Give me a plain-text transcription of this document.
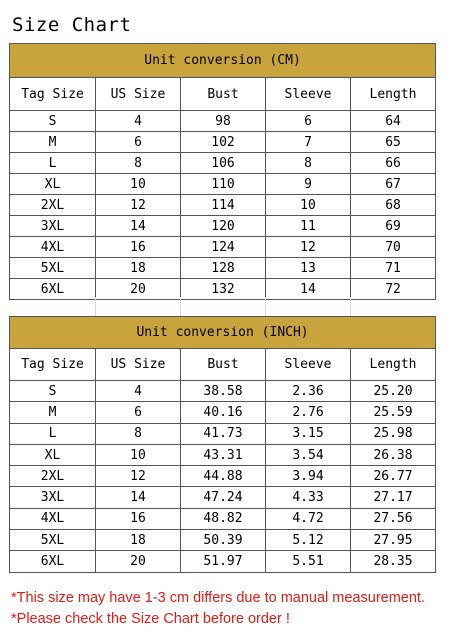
Size Chart
Unit conversion (CM)				
Tag Size	US Size	Bust	Sleeve	Length
S	4	98	6	64
M	6	102	7	65
L	8	106	8	66
XL	10	110	9	67
2XL	12	114	10	68
3XL	14	120	11	69
4XL	16	124	12	70
5XL	18	128	13	71
6XL	20	132	14	72
Unit conversion (INCH)				
Tag Size	US Size	Bust	Sleeve	Length
S	4	38.58	2.36	25.20
M	6	40.16	2.76	25.59
L	8	41.73	3.15	25.98
XL	10	43.31	3.54	26.38
2XL	12	44.88	3.94	26.77
3XL	14	47.24	4.33	27.17
4XL	16	48.82	4.72	27.56
5XL	18	50.39	5.12	27.95
6XL	20	51.97	5.51	28.35
*This size may have 1-3 cm differs due to manual measurement.
*Please check the Size Chart before order !
